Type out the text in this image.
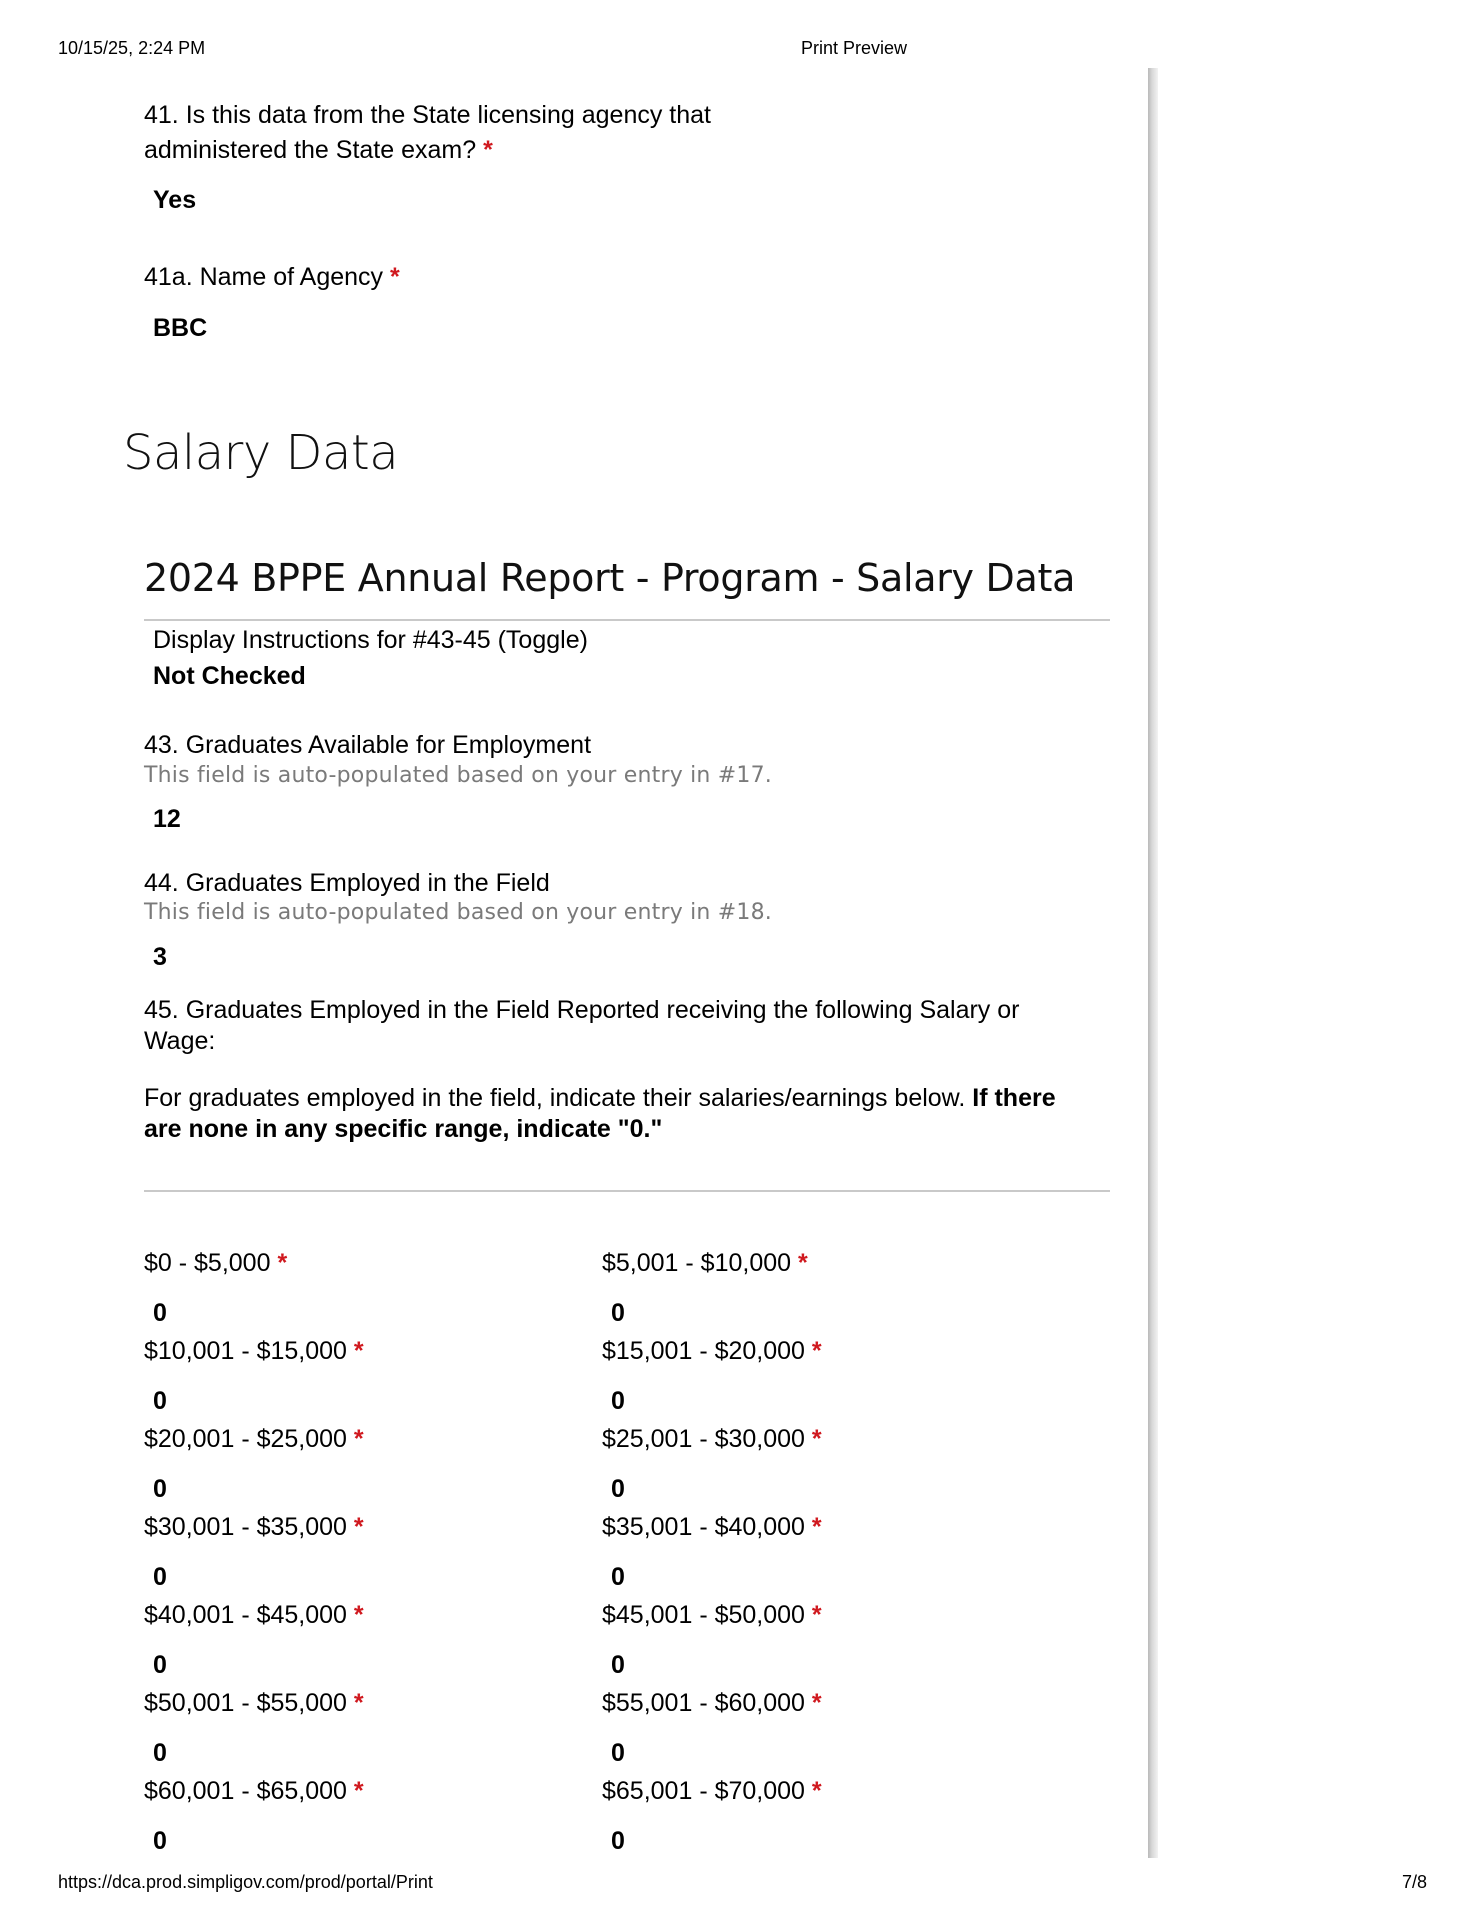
10/15/25, 2:24 PM	Print Preview
https://dca.prod.simpligov.com/prod/portal/Print	7/8
41. Is this data from the State licensing agency that
administered the State exam? *
Yes
41a. Name of Agency *
BBC
Salary Data
2024 BPPE Annual Report - Program - Salary Data
Display Instructions for #43-45 (Toggle)
Not Checked
43. Graduates Available for Employment
This field is auto-populated based on your entry in #17.
12
44. Graduates Employed in the Field
This field is auto-populated based on your entry in #18.
3
45. Graduates Employed in the Field Reported receiving the following Salary or
Wage:
For graduates employed in the field, indicate their salaries/earnings below. If there are none in any specific range, indicate "0."
$0 - $5,000 *
0
$5,001 - $10,000 *
0
$10,001 - $15,000 *
0
$15,001 - $20,000 *
0
$20,001 - $25,000 *
0
$25,001 - $30,000 *
0
$30,001 - $35,000 *
0
$35,001 - $40,000 *
0
$40,001 - $45,000 *
0
$45,001 - $50,000 *
0
$50,001 - $55,000 *
0
$55,001 - $60,000 *
0
$60,001 - $65,000 *
0
$65,001 - $70,000 *
0
